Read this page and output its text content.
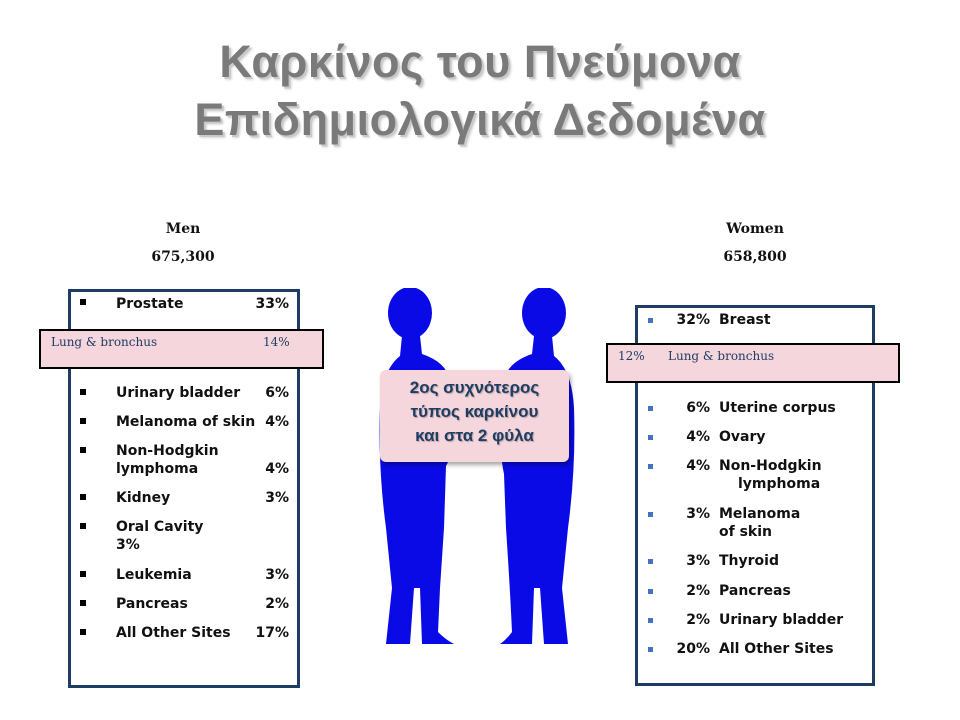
Καρκίνος του Πνεύμονα
Επιδημιολογικά Δεδομένα
Men
675,300
Women
658,800
Prostate	33%
Urinary bladder 6%
Melanoma of skin 4%
Non-Hodgkin
lymphoma	4%
Kidney	3%
Oral Cavity
3%
Leukemia	3%
Pancreas	2%
All Other Sites 17%
32% Breast
6% Uterine corpus
4% Ovary
4% Non-Hodgkin
lymphoma
3% Melanoma
of skin
3% Thyroid
2% Pancreas
2% Urinary bladder
20% All Other Sites
Lung & bronchus	14%
12% Lung & bronchus
2ος συχνότερος
τύπος καρκίνου
και στα 2 φύλα
